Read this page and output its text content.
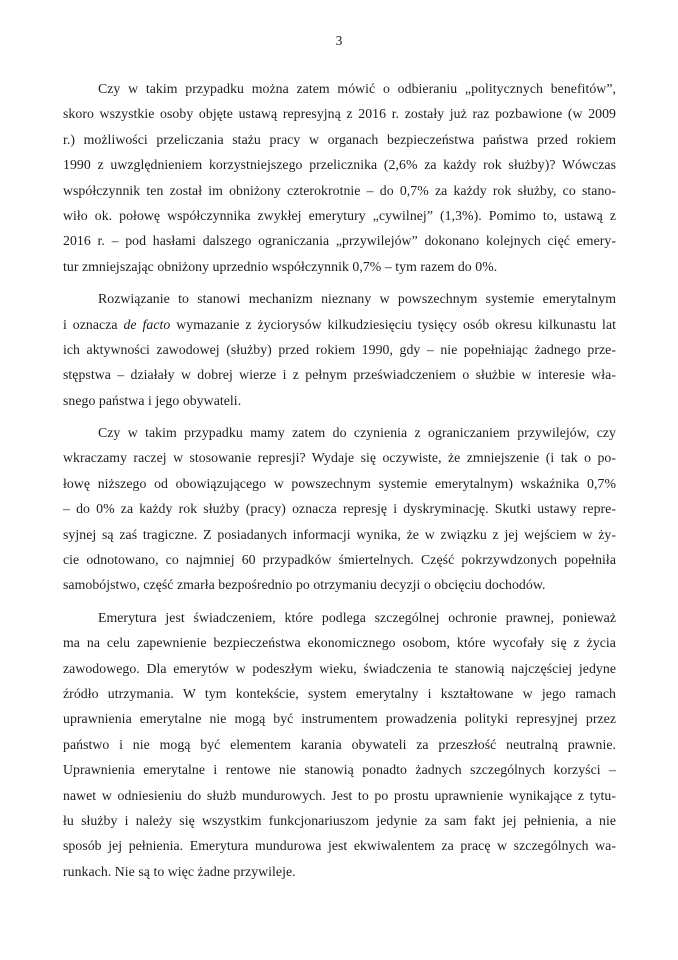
3
Czy w takim przypadku można zatem mówić o odbieraniu „politycznych benefitów”,
skoro wszystkie osoby objęte ustawą represyjną z 2016 r. zostały już raz pozbawione (w 2009
r.) możliwości przeliczania stażu pracy w organach bezpieczeństwa państwa przed rokiem
1990 z uwzględnieniem korzystniejszego przelicznika (2,6% za każdy rok służby)? Wówczas
współczynnik ten został im obniżony czterokrotnie – do 0,7% za każdy rok służby, co stano-
wiło ok. połowę współczynnika zwykłej emerytury „cywilnej” (1,3%). Pomimo to, ustawą z
2016 r. – pod hasłami dalszego ograniczania „przywilejów” dokonano kolejnych cięć emery-
tur zmniejszając obniżony uprzednio współczynnik 0,7% – tym razem do 0%.
Rozwiązanie to stanowi mechanizm nieznany w powszechnym systemie emerytalnym
i oznacza de facto wymazanie z życiorysów kilkudziesięciu tysięcy osób okresu kilkunastu lat
ich aktywności zawodowej (służby) przed rokiem 1990, gdy – nie popełniając żadnego prze-
stępstwa – działały w dobrej wierze i z pełnym przeświadczeniem o służbie w interesie wła-
snego państwa i jego obywateli.
Czy w takim przypadku mamy zatem do czynienia z ograniczaniem przywilejów, czy
wkraczamy raczej w stosowanie represji? Wydaje się oczywiste, że zmniejszenie (i tak o po-
łowę niższego od obowiązującego w powszechnym systemie emerytalnym) wskaźnika 0,7%
– do 0% za każdy rok służby (pracy) oznacza represję i dyskryminację. Skutki ustawy repre-
syjnej są zaś tragiczne. Z posiadanych informacji wynika, że w związku z jej wejściem w ży-
cie odnotowano, co najmniej 60 przypadków śmiertelnych. Część pokrzywdzonych popełniła
samobójstwo, część zmarła bezpośrednio po otrzymaniu decyzji o obcięciu dochodów.
Emerytura jest świadczeniem, które podlega szczególnej ochronie prawnej, ponieważ
ma na celu zapewnienie bezpieczeństwa ekonomicznego osobom, które wycofały się z życia
zawodowego. Dla emerytów w podeszłym wieku, świadczenia te stanowią najczęściej jedyne
źródło utrzymania. W tym kontekście, system emerytalny i kształtowane w jego ramach
uprawnienia emerytalne nie mogą być instrumentem prowadzenia polityki represyjnej przez
państwo i nie mogą być elementem karania obywateli za przeszłość neutralną prawnie.
Uprawnienia emerytalne i rentowe nie stanowią ponadto żadnych szczególnych korzyści –
nawet w odniesieniu do służb mundurowych. Jest to po prostu uprawnienie wynikające z tytu-
łu służby i należy się wszystkim funkcjonariuszom jedynie za sam fakt jej pełnienia, a nie
sposób jej pełnienia. Emerytura mundurowa jest ekwiwalentem za pracę w szczególnych wa-
runkach. Nie są to więc żadne przywileje.
